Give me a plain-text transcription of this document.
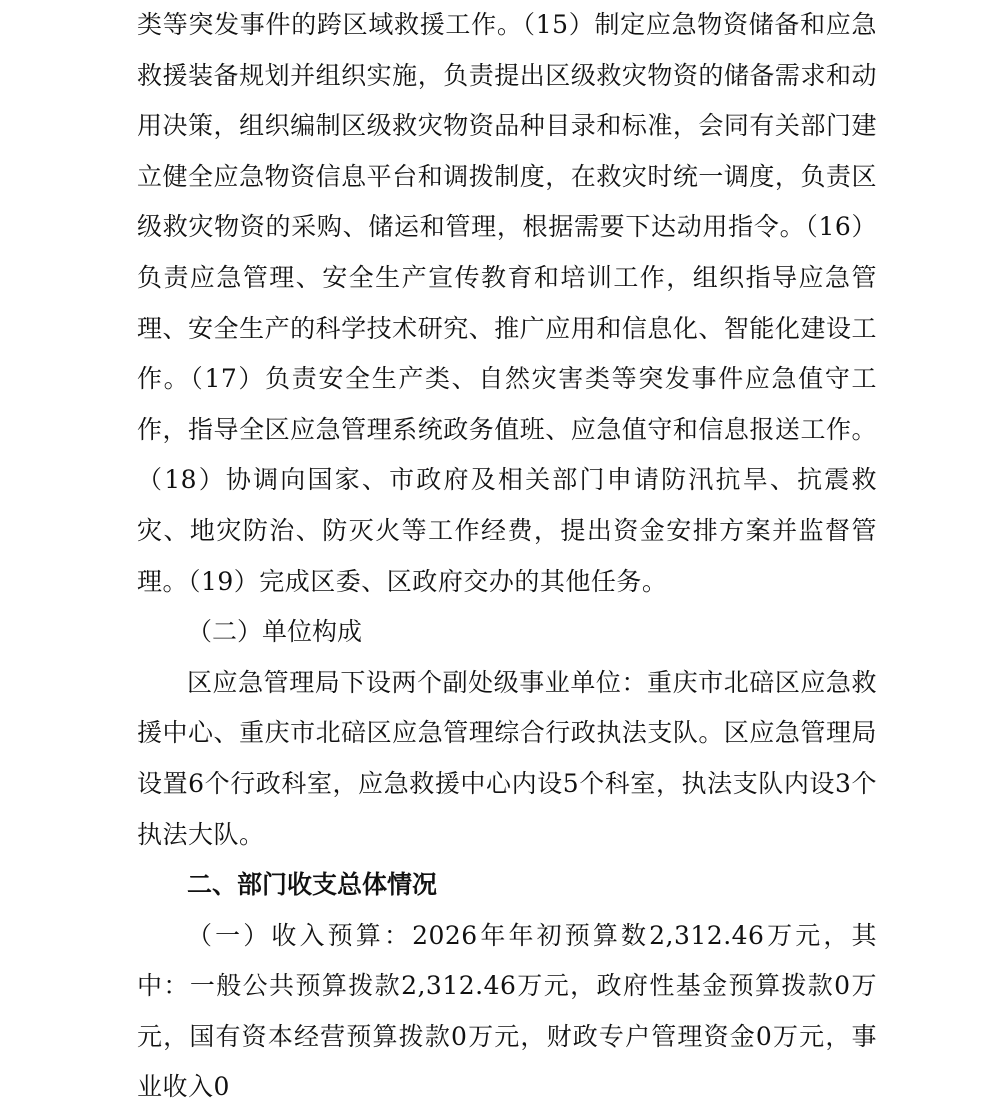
类等突发事件的跨区域救援工作。（15）制定应急物资储备和应急救援装备规划并组织实施，负责提出区级救灾物资的储备需求和动用决策，组织编制区级救灾物资品种目录和标准，会同有关部门建立健全应急物资信息平台和调拨制度，在救灾时统一调度，负责区级救灾物资的采购、储运和管理，根据需要下达动用指令。（16）负责应急管理、安全生产宣传教育和培训工作，组织指导应急管理、安全生产的科学技术研究、推广应用和信息化、智能化建设工作。（17）负责安全生产类、自然灾害类等突发事件应急值守工作，指导全区应急管理系统政务值班、应急值守和信息报送工作。（18）协调向国家、市政府及相关部门申请防汛抗旱、抗震救灾、地灾防治、防灭火等工作经费，提出资金安排方案并监督管理。（19）完成区委、区政府交办的其他任务。

（二）单位构成

区应急管理局下设两个副处级事业单位：重庆市北碚区应急救援中心、重庆市北碚区应急管理综合行政执法支队。区应急管理局设置6个行政科室，应急救援中心内设5个科室，执法支队内设3个执法大队。

二、部门收支总体情况

（一）收入预算：2026年年初预算数2,312.46万元，其中：一般公共预算拨款2,312.46万元，政府性基金预算拨款0万元，国有资本经营预算拨款0万元，财政专户管理资金0万元，事业收入0
